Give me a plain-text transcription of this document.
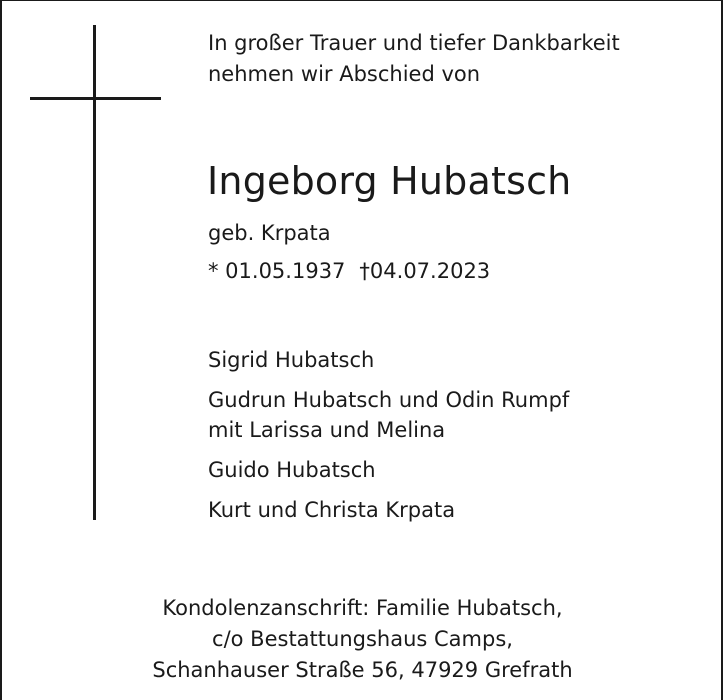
In großer Trauer und tiefer Dankbarkeit
nehmen wir Abschied von
Ingeborg Hubatsch
geb. Krpata
* 01.05.1937 †04.07.2023
Sigrid Hubatsch
Gudrun Hubatsch und Odin Rumpf
mit Larissa und Melina
Guido Hubatsch
Kurt und Christa Krpata
Kondolenzanschrift: Familie Hubatsch,
c/o Bestattungshaus Camps,
Schanhauser Straße 56, 47929 Grefrath
